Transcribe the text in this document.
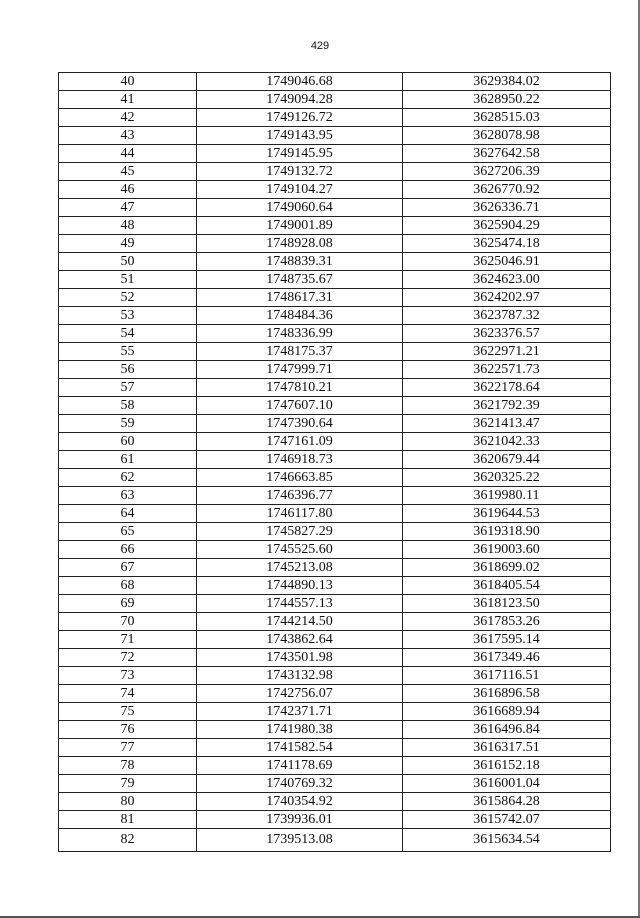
429
40	1749046.68	3629384.02
41	1749094.28	3628950.22
42	1749126.72	3628515.03
43	1749143.95	3628078.98
44	1749145.95	3627642.58
45	1749132.72	3627206.39
46	1749104.27	3626770.92
47	1749060.64	3626336.71
48	1749001.89	3625904.29
49	1748928.08	3625474.18
50	1748839.31	3625046.91
51	1748735.67	3624623.00
52	1748617.31	3624202.97
53	1748484.36	3623787.32
54	1748336.99	3623376.57
55	1748175.37	3622971.21
56	1747999.71	3622571.73
57	1747810.21	3622178.64
58	1747607.10	3621792.39
59	1747390.64	3621413.47
60	1747161.09	3621042.33
61	1746918.73	3620679.44
62	1746663.85	3620325.22
63	1746396.77	3619980.11
64	1746117.80	3619644.53
65	1745827.29	3619318.90
66	1745525.60	3619003.60
67	1745213.08	3618699.02
68	1744890.13	3618405.54
69	1744557.13	3618123.50
70	1744214.50	3617853.26
71	1743862.64	3617595.14
72	1743501.98	3617349.46
73	1743132.98	3617116.51
74	1742756.07	3616896.58
75	1742371.71	3616689.94
76	1741980.38	3616496.84
77	1741582.54	3616317.51
78	1741178.69	3616152.18
79	1740769.32	3616001.04
80	1740354.92	3615864.28
81	1739936.01	3615742.07
82	1739513.08	3615634.54
